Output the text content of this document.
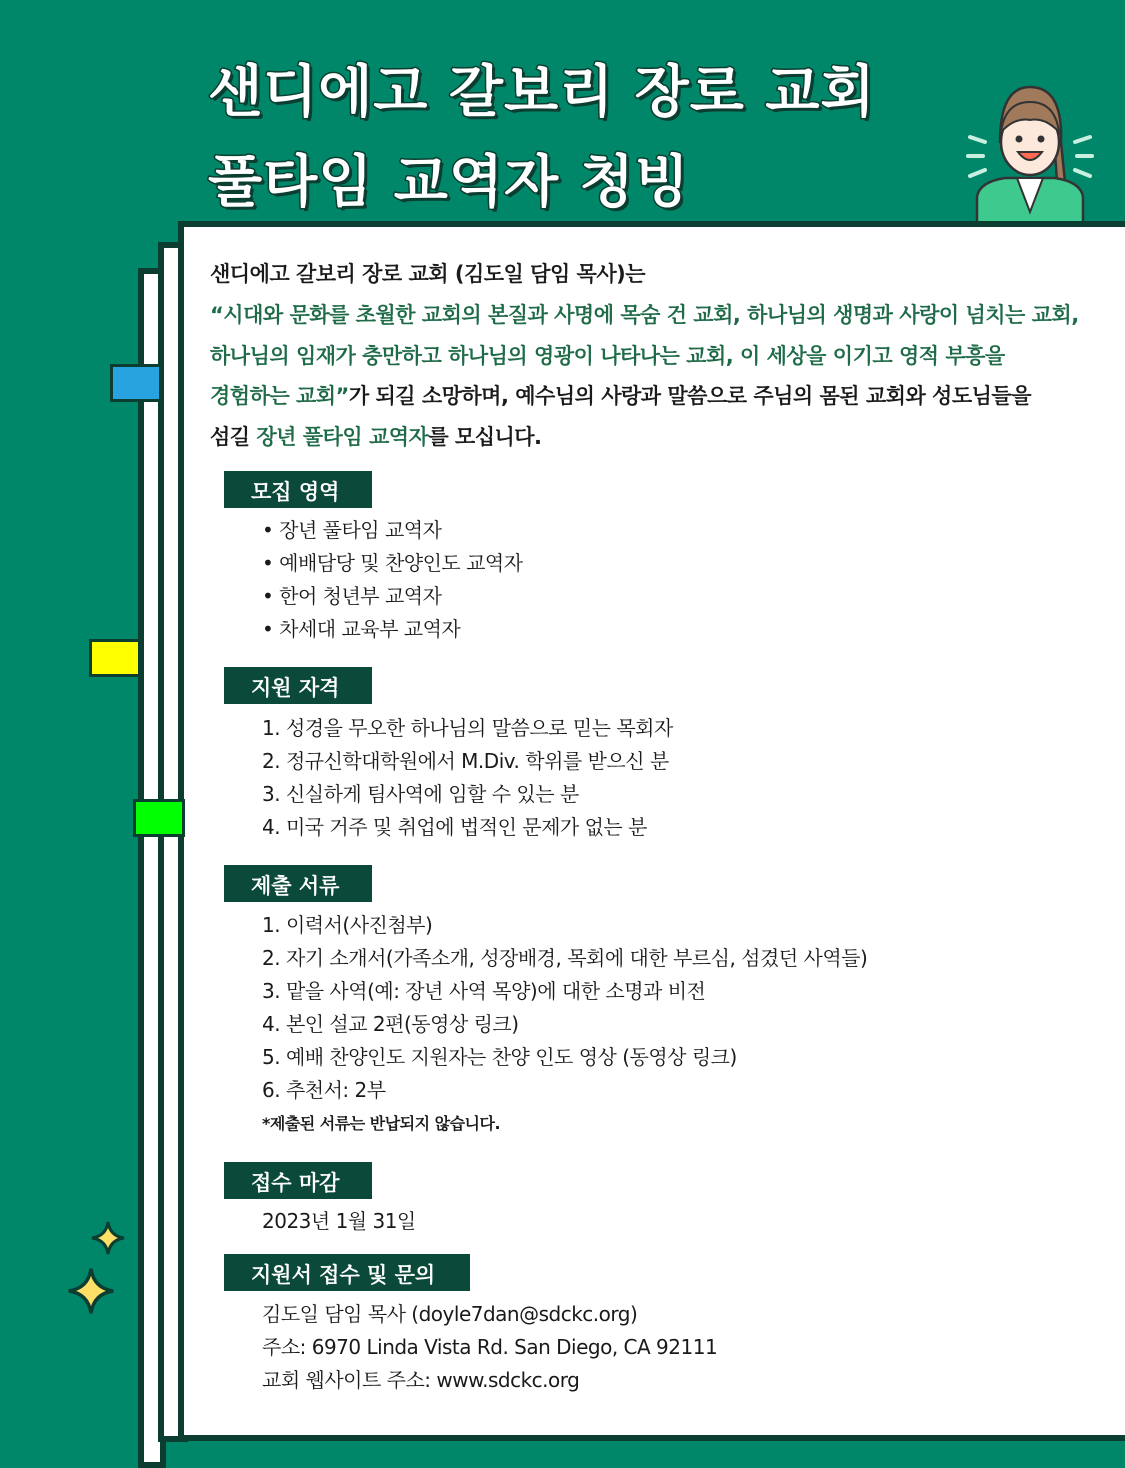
샌디에고 갈보리 장로 교회
풀타임 교역자 청빙
샌디에고 갈보리 장로 교회 (김도일 담임 목사)는
“시대와 문화를 초월한 교회의 본질과 사명에 목숨 건 교회, 하나님의 생명과 사랑이 넘치는 교회,
하나님의 임재가 충만하고 하나님의 영광이 나타나는 교회, 이 세상을 이기고 영적 부흥을
경험하는 교회”가 되길 소망하며, 예수님의 사랑과 말씀으로 주님의 몸된 교회와 성도님들을
섬길 장년 풀타임 교역자를 모십니다.
모집 영역
• 장년 풀타임 교역자
• 예배담당 및 찬양인도 교역자
• 한어 청년부 교역자
• 차세대 교육부 교역자
지원 자격
1. 성경을 무오한 하나님의 말씀으로 믿는 목회자
2. 정규신학대학원에서 M.Div. 학위를 받으신 분
3. 신실하게 팀사역에 임할 수 있는 분
4. 미국 거주 및 취업에 법적인 문제가 없는 분
제출 서류
1. 이력서(사진첨부)
2. 자기 소개서(가족소개, 성장배경, 목회에 대한 부르심, 섬겼던 사역들)
3. 맡을 사역(예: 장년 사역 목양)에 대한 소명과 비전
4. 본인 설교 2편(동영상 링크)
5. 예배 찬양인도 지원자는 찬양 인도 영상 (동영상 링크)
6. 추천서: 2부
*제출된 서류는 반납되지 않습니다.
접수 마감
2023년 1월 31일
지원서 접수 및 문의
김도일 담임 목사 (doyle7dan@sdckc.org)
주소: 6970 Linda Vista Rd. San Diego, CA 92111
교회 웹사이트 주소: www.sdckc.org
